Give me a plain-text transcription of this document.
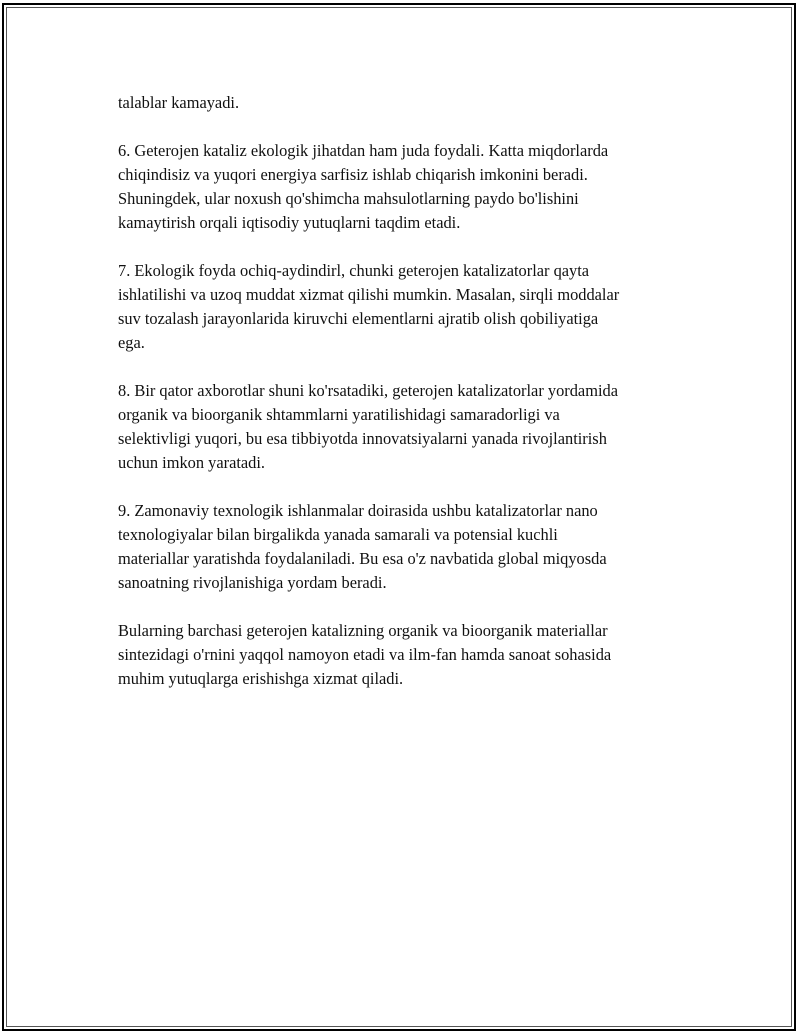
talablar kamayadi.

6. Geterojen kataliz ekologik jihatdan ham juda foydali. Katta miqdorlarda
chiqindisiz va yuqori energiya sarfisiz ishlab chiqarish imkonini beradi.
Shuningdek, ular noxush qo'shimcha mahsulotlarning paydo bo'lishini
kamaytirish orqali iqtisodiy yutuqlarni taqdim etadi.

7. Ekologik foyda ochiq-aydindirl, chunki geterojen katalizatorlar qayta
ishlatilishi va uzoq muddat xizmat qilishi mumkin. Masalan, sirqli moddalar
suv tozalash jarayonlarida kiruvchi elementlarni ajratib olish qobiliyatiga
ega.

8. Bir qator axborotlar shuni ko'rsatadiki, geterojen katalizatorlar yordamida
organik va bioorganik shtammlarni yaratilishidagi samaradorligi va
selektivligi yuqori, bu esa tibbiyotda innovatsiyalarni yanada rivojlantirish
uchun imkon yaratadi.

9. Zamonaviy texnologik ishlanmalar doirasida ushbu katalizatorlar nano
texnologiyalar bilan birgalikda yanada samarali va potensial kuchli
materiallar yaratishda foydalaniladi. Bu esa o'z navbatida global miqyosda
sanoatning rivojlanishiga yordam beradi.

Bularning barchasi geterojen katalizning organik va bioorganik materiallar
sintezidagi o'rnini yaqqol namoyon etadi va ilm-fan hamda sanoat sohasida
muhim yutuqlarga erishishga xizmat qiladi.
